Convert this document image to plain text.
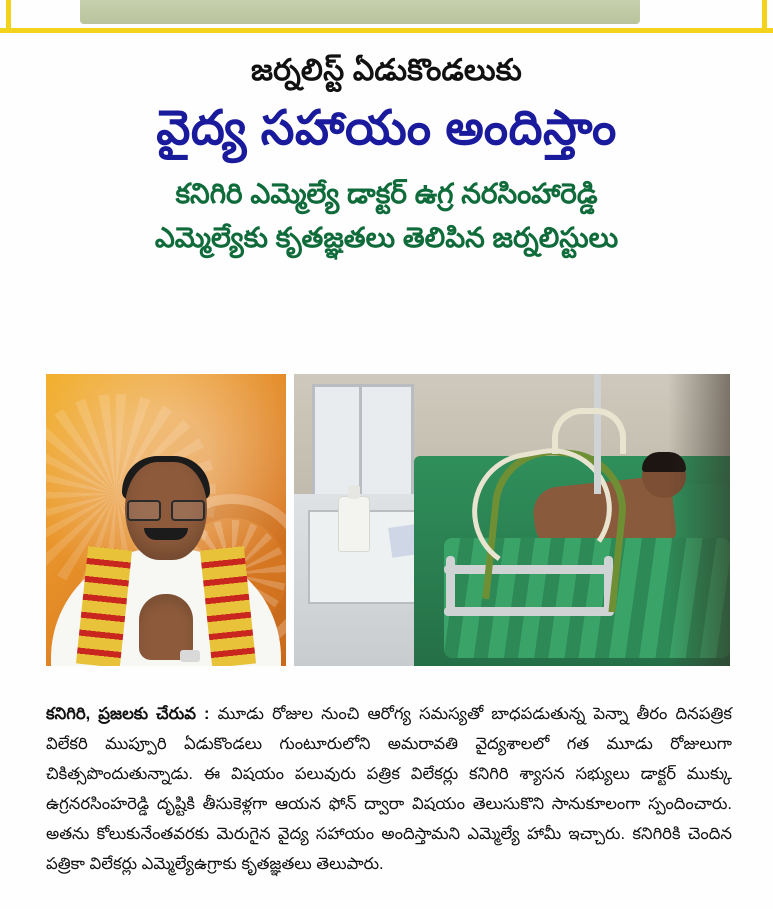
జర్నలిస్ట్ ఏడుకొండలుకు
వైద్య సహాయం అందిస్తాం
కనిగిరి ఎమ్మెల్యే డాక్టర్ ఉగ్ర నరసింహారెడ్డి
ఎమ్మెల్యేకు కృతజ్ఞతలు తెలిపిన జర్నలిస్టులు

కనిగిరి, ప్రజలకు చేరువ : మూడు రోజుల నుంచి ఆరోగ్య సమస్యతో బాధపడుతున్న పెన్నా తీరం దినపత్రిక విలేకరి ముప్పూరి ఏడుకొండలు గుంటూరులోని అమరావతి వైద్యశాలలో గత మూడు రోజులుగా చికిత్సపొందుతున్నాడు. ఈ విషయం పలువురు పత్రిక విలేకర్లు కనిగిరి శ్యాసన సభ్యులు డాక్టర్ ముక్కు ఉగ్రనరసింహరెడ్డి దృష్టికి తీసుకెళ్లగా ఆయన ఫోన్ ద్వారా విషయం తెలుసుకొని సానుకూలంగా స్పందించారు. అతను కోలుకునేంతవరకు మెరుగైన వైద్య సహాయం అందిస్తామని ఎమ్మెల్యే హామీ ఇచ్చారు. కనిగిరికి చెందిన పత్రికా విలేకర్లు ఎమ్మెల్యేఉగ్రాకు కృతజ్ఞతలు తెలుపారు.
